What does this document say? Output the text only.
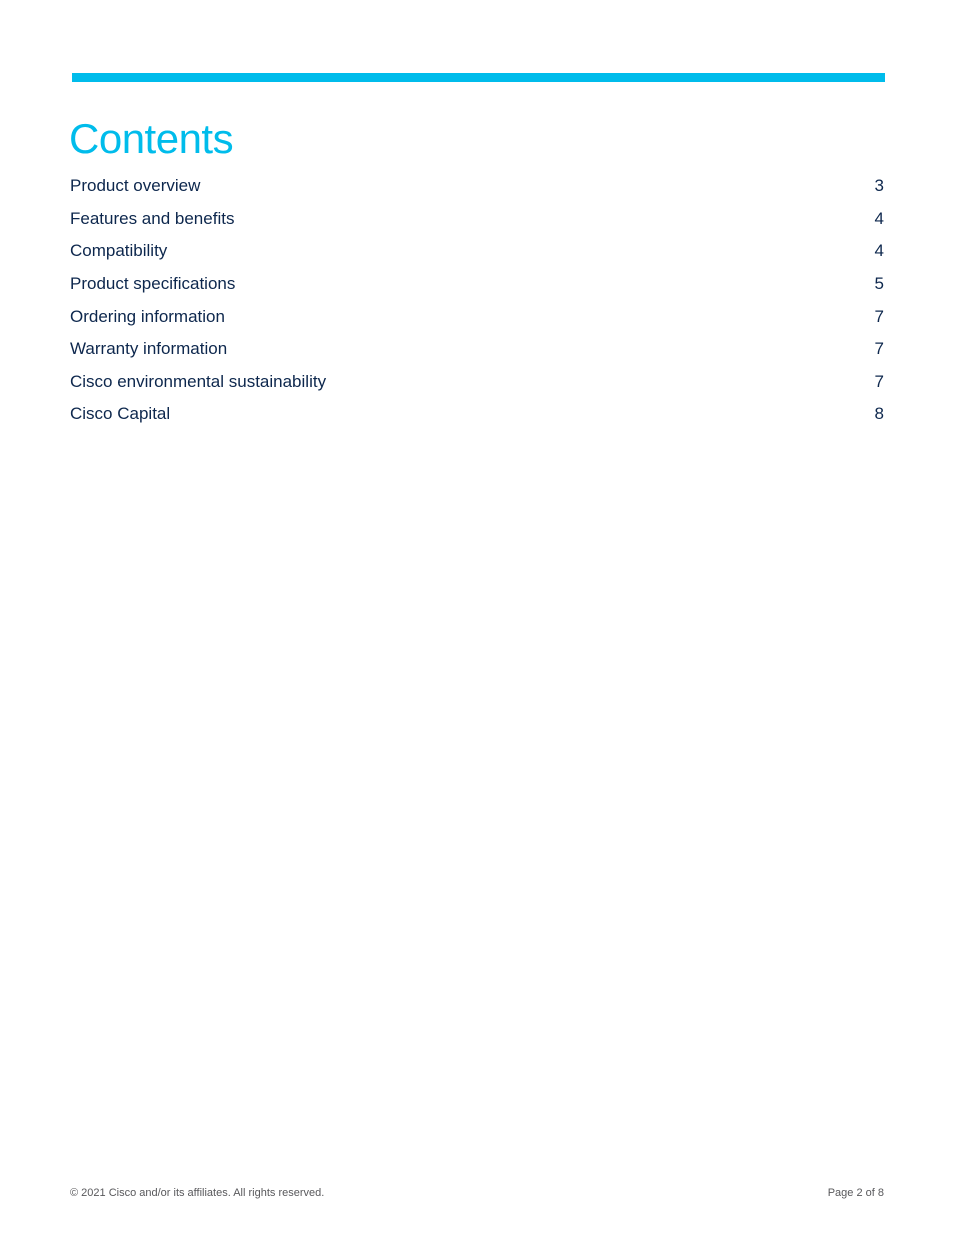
Contents
Product overview	3
Features and benefits	4
Compatibility	4
Product specifications	5
Ordering information	7
Warranty information	7
Cisco environmental sustainability	7
Cisco Capital	8
© 2021 Cisco and/or its affiliates. All rights reserved.	Page 2 of 8
